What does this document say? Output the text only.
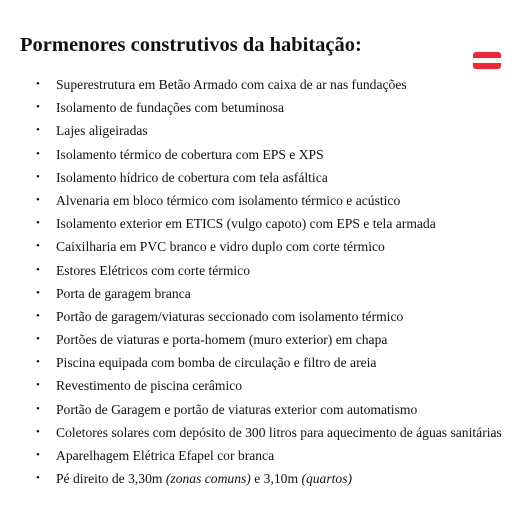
Pormenores construtivos da habitação:
• Superestrutura em Betão Armado com caixa de ar nas fundações
• Isolamento de fundações com betuminosa
• Lajes aligeiradas
• Isolamento térmico de cobertura com EPS e XPS
• Isolamento hídrico de cobertura com tela asfáltica
• Alvenaria em bloco térmico com isolamento térmico e acústico
• Isolamento exterior em ETICS (vulgo capoto) com EPS e tela armada
• Caixilharia em PVC branco e vidro duplo com corte térmico
• Estores Elétricos com corte térmico
• Porta de garagem branca
• Portão de garagem/viaturas seccionado com isolamento térmico
• Portões de viaturas e porta-homem (muro exterior) em chapa
• Piscina equipada com bomba de circulação e filtro de areia
• Revestimento de piscina cerâmico
• Portão de Garagem e portão de viaturas exterior com automatismo
• Coletores solares com depósito de 300 litros para aquecimento de águas sanitárias
• Aparelhagem Elétrica Efapel cor branca
• Pé direito de 3,30m (zonas comuns) e 3,10m (quartos)
